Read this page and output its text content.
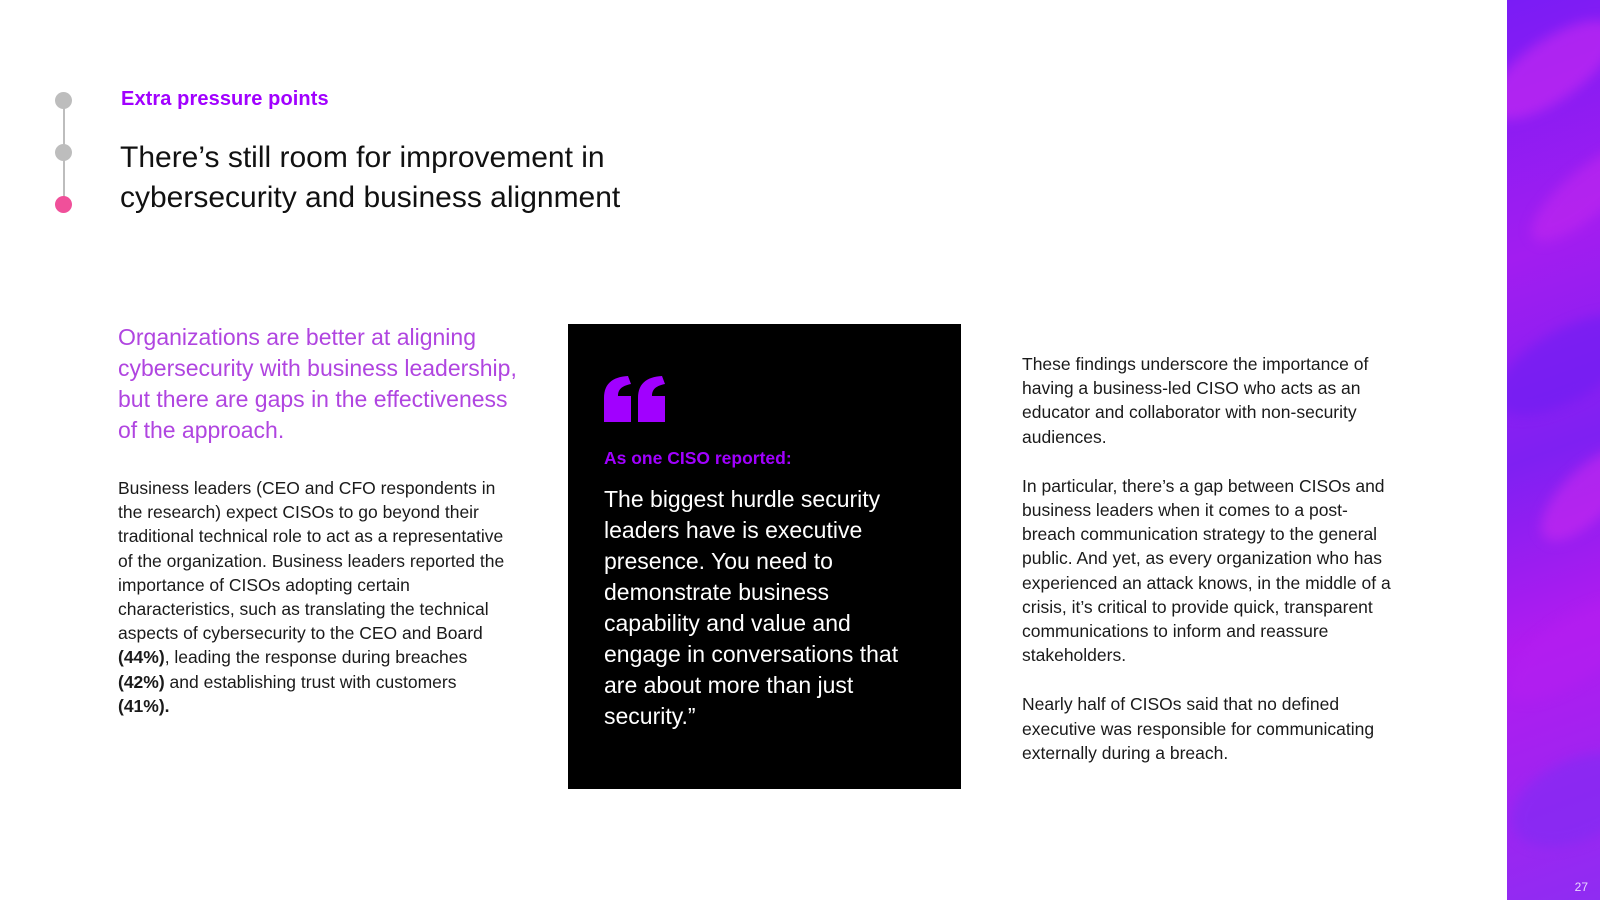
Extra pressure points
There’s still room for improvement in cybersecurity and business alignment

Organizations are better at aligning cybersecurity with business leadership, but there are gaps in the effectiveness of the approach.

Business leaders (CEO and CFO respondents in the research) expect CISOs to go beyond their traditional technical role to act as a representative of the organization. Business leaders reported the importance of CISOs adopting certain characteristics, such as translating the technical aspects of cybersecurity to the CEO and Board (44%), leading the response during breaches (42%) and establishing trust with customers (41%).

As one CISO reported:

The biggest hurdle security leaders have is executive presence. You need to demonstrate business capability and value and engage in conversations that are about more than just security.”

These findings underscore the importance of having a business-led CISO who acts as an educator and collaborator with non-security audiences.

In particular, there’s a gap between CISOs and business leaders when it comes to a post-breach communication strategy to the general public. And yet, as every organization who has experienced an attack knows, in the middle of a crisis, it’s critical to provide quick, transparent communications to inform and reassure stakeholders.

Nearly half of CISOs said that no defined executive was responsible for communicating externally during a breach.

27
